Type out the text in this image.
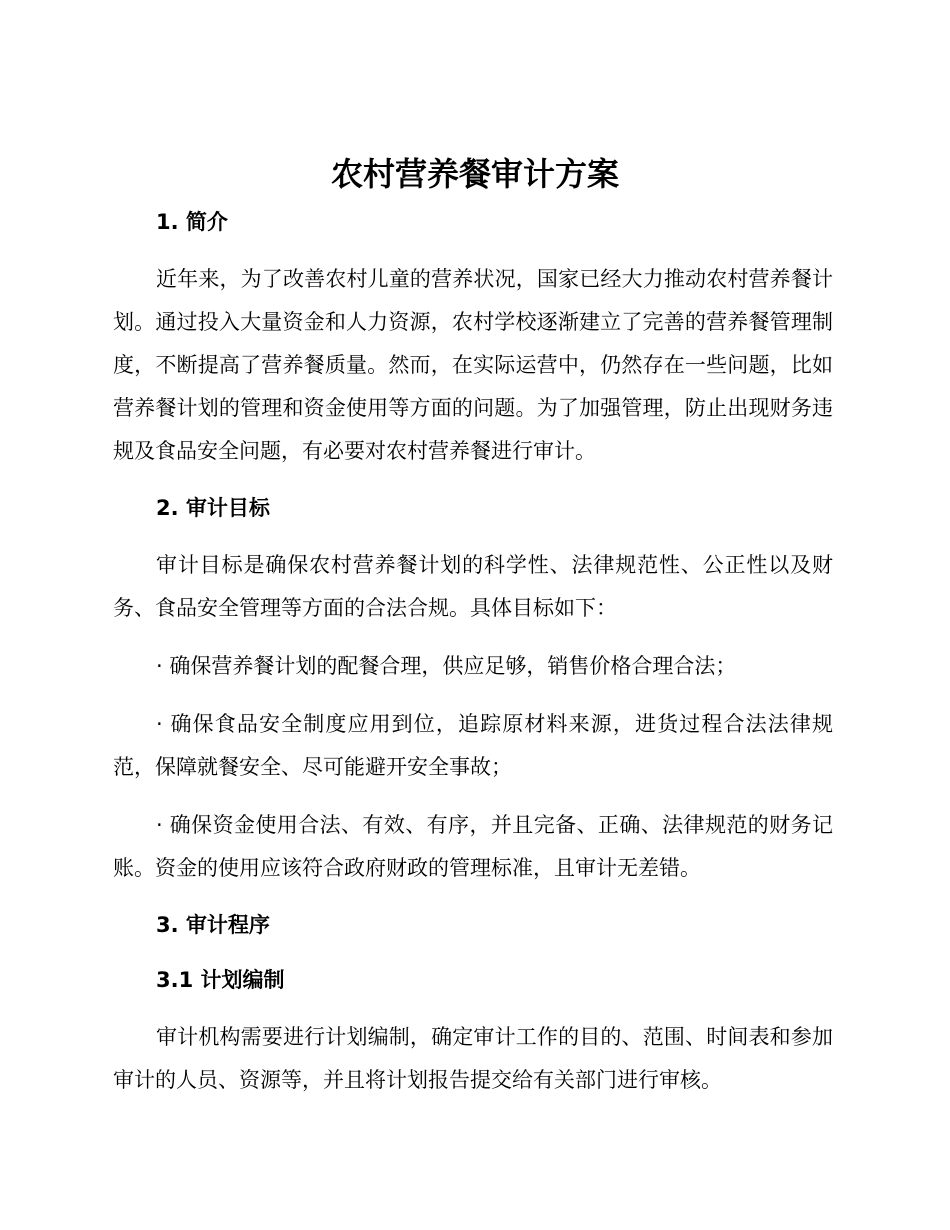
农村营养餐审计方案
1. 简介

近年来，为了改善农村儿童的营养状况，国家已经大力推动农村营养餐计划。通过投入大量资金和人力资源，农村学校逐渐建立了完善的营养餐管理制度，不断提高了营养餐质量。然而，在实际运营中，仍然存在一些问题，比如营养餐计划的管理和资金使用等方面的问题。为了加强管理，防止出现财务违规及食品安全问题，有必要对农村营养餐进行审计。

2. 审计目标

审计目标是确保农村营养餐计划的科学性、法律规范性、公正性以及财务、食品安全管理等方面的合法合规。具体目标如下：

· 确保营养餐计划的配餐合理，供应足够，销售价格合理合法；

· 确保食品安全制度应用到位，追踪原材料来源，进货过程合法法律规范，保障就餐安全、尽可能避开安全事故；

· 确保资金使用合法、有效、有序，并且完备、正确、法律规范的财务记账。资金的使用应该符合政府财政的管理标准，且审计无差错。

3. 审计程序
3.1 计划编制

审计机构需要进行计划编制，确定审计工作的目的、范围、时间表和参加审计的人员、资源等，并且将计划报告提交给有关部门进行审核。
